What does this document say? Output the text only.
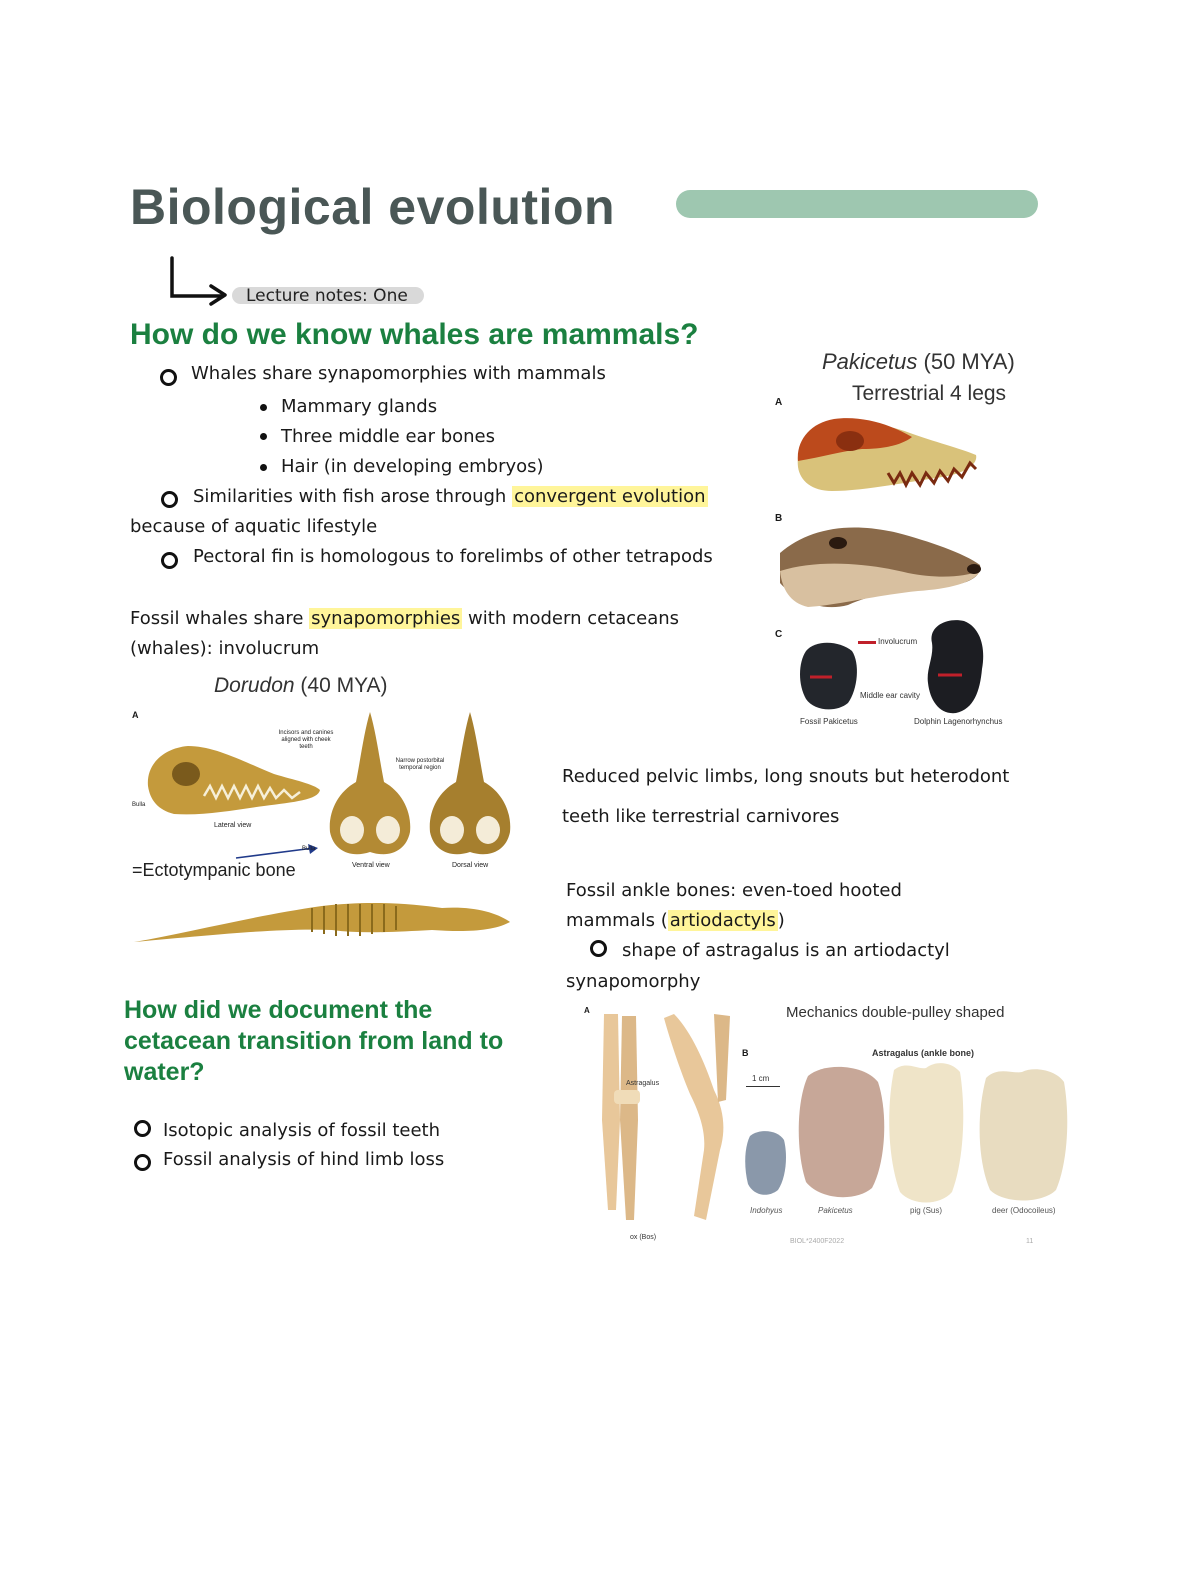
Biological evolution
Lecture notes: One
How do we know whales are mammals?
Whales share synapomorphies with mammals
Mammary glands
Three middle ear bones
Hair (in developing embryos)
Similarities with fish arose through convergent evolution
because of aquatic lifestyle
Pectoral fin is homologous to forelimbs of other tetrapods
Fossil whales share synapomorphies with modern cetaceans
(whales): involucrum
Pakicetus (50 MYA)
Terrestrial 4 legs
A
B
C
Involucrum
Middle ear cavity
Fossil Pakicetus	Dolphin Lagenorhynchus
Dorudon (40 MYA)
A
Incisors and canines aligned with cheek teeth
Narrow postorbital temporal region
Bulla
Lateral view
Bulla
Ventral view	Dorsal view
=Ectotympanic bone
Reduced pelvic limbs, long snouts but heterodont
teeth like terrestrial carnivores
Fossil ankle bones: even-toed hooted
mammals ( artiodactyls )
shape of astragalus is an artiodactyl
synapomorphy
How did we document the
cetacean transition from land to
water?
Isotopic analysis of fossil teeth
Fossil analysis of hind limb loss
Mechanics double-pulley shaped
A
Astragalus
ox (Bos)
B	Astragalus (ankle bone)
1 cm
Indohyus	Pakicetus	pig (Sus)	deer (Odocoileus)
BIOL*2400F2022	11
